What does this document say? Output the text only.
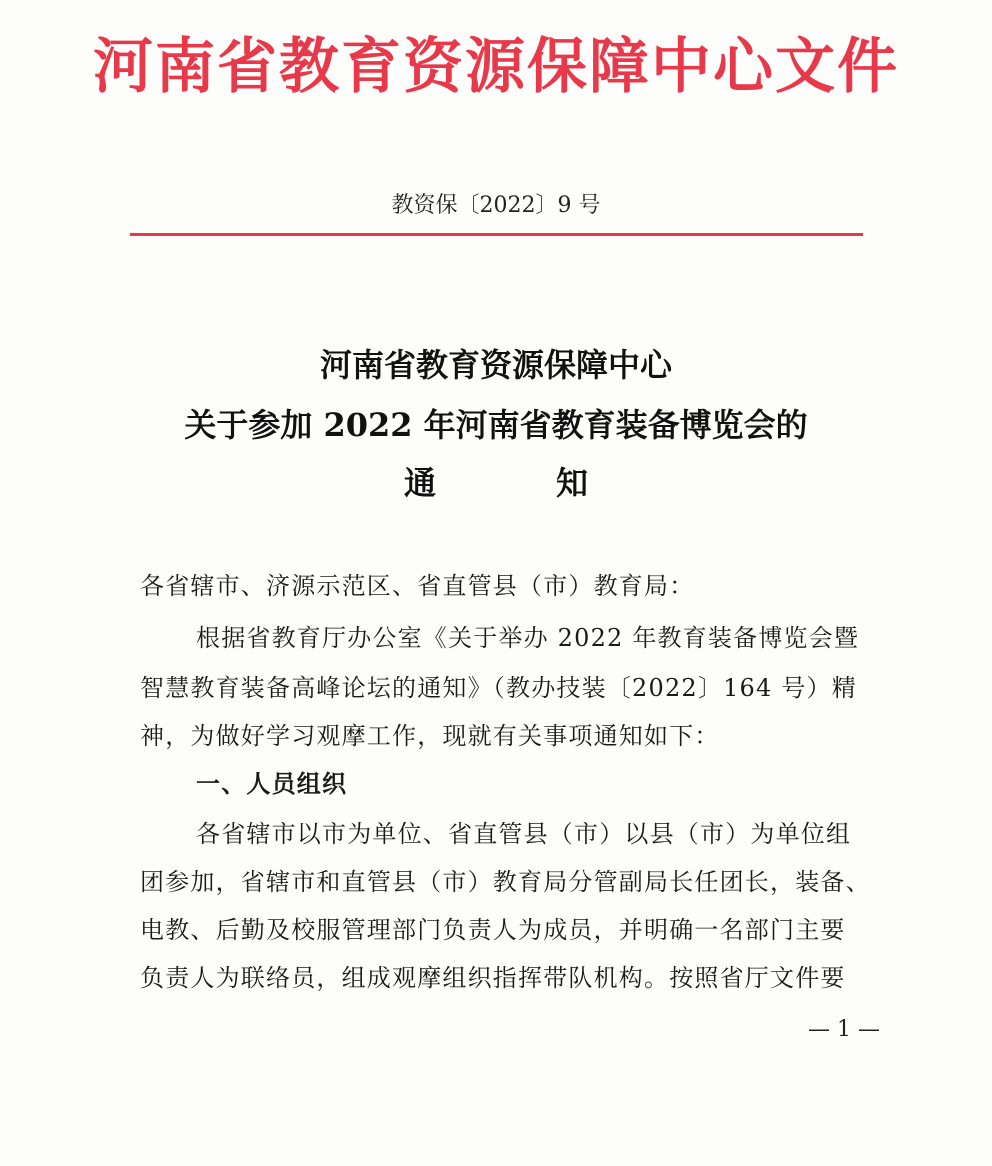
河南省教育资源保障中心文件
教资保〔2022〕9 号
河南省教育资源保障中心
关于参加 2022 年河南省教育装备博览会的
通	知
各省辖市、济源示范区、省直管县（市）教育局：
根据省教育厅办公室《关于举办 2022 年教育装备博览会暨
智慧教育装备高峰论坛的通知》（教办技装〔2022〕164 号）精
神，为做好学习观摩工作，现就有关事项通知如下：
一、人员组织
各省辖市以市为单位、省直管县（市）以县（市）为单位组
团参加，省辖市和直管县（市）教育局分管副局长任团长，装备、
电教、后勤及校服管理部门负责人为成员，并明确一名部门主要
负责人为联络员，组成观摩组织指挥带队机构。按照省厅文件要
— 1 —
